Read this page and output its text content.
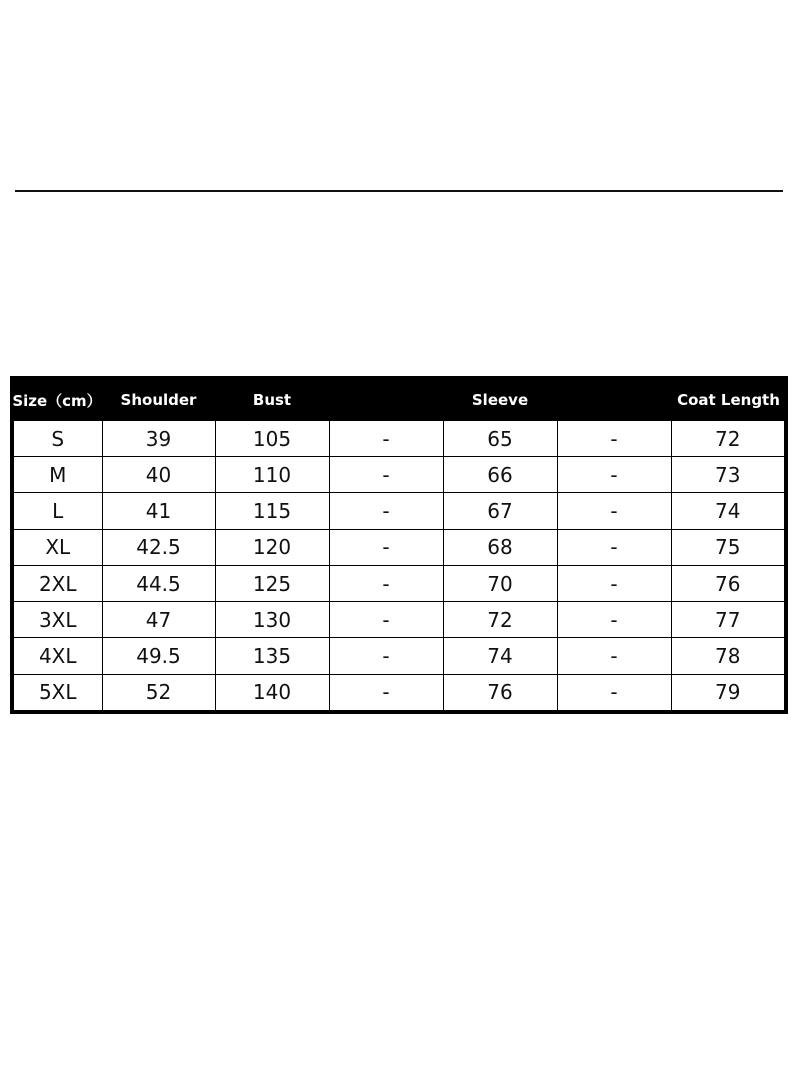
Size（cm）	Shoulder	Bust		Sleeve		Coat Length
S	39	105	-	65	-	72
M	40	110	-	66	-	73
L	41	115	-	67	-	74
XL	42.5	120	-	68	-	75
2XL	44.5	125	-	70	-	76
3XL	47	130	-	72	-	77
4XL	49.5	135	-	74	-	78
5XL	52	140	-	76	-	79
